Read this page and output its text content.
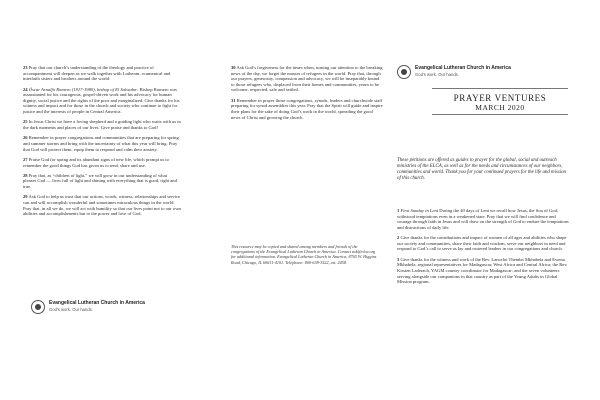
23 Pray that our church’s understanding of the theology and practice of accompaniment will deepen as we walk together with Lutheran, ecumenical and interfaith sisters and brothers around the world.

24 Óscar Arnulfo Romero (1917-1980), bishop of El Salvador: Bishop Romero was assassinated for his courageous, gospel-driven work and his advocacy for human dignity, social justice and the rights of the poor and marginalized. Give thanks for his witness and impact and for those in the church and society who continue to fight for justice and the interests of people in Central America.

25 In Jesus Christ we have a loving shepherd and a guiding light who waits with us in the dark moments and places of our lives. Give praise and thanks to God!

26 Remember in prayer congregations and communities that are preparing for spring and summer storms and bring with the uncertainty of what this year will bring. Pray that God will protect them, equip them to respond and calm their anxiety.

27 Praise God for spring and its abundant signs of new life, which prompt us to remember the good things God has given us to tend, share and use.

28 Pray that, as “children of light,” we will grow in our understanding of what pleases God — lives full of light and shining with everything that is good, right and true.

29 Ask God to help us trust that our actions, words, witness, relationships and service can and will accomplish wonderful and sometimes miraculous things in the world. Pray that, in all we do, we will act with humility so that our lives point not to our own abilities and accomplishments but to the power and love of God.

30 Ask God’s forgiveness for the times when, turning our attention to the breaking news of the day, we forget the masses of refugees in the world. Pray that, through our prayers, generosity, compassion and advocacy, we will be inseparably bound to those refugees who, displaced from their homes and communities, yearn to be welcome, respected, safe and settled.

31 Remember in prayer those congregations, synods, leaders and churchwide staff preparing for synod assemblies this year. Pray that the Spirit will guide and inspire their plans for the sake of doing God’s work in the world, spreading the good news of Christ and growing the church.

This resource may be copied and shared among members and friends of the congregations of the Evangelical Lutheran Church in America. Contact ask@elca.org for additional information. Evangelical Lutheran Church in America, 8765 W. Higgins Road, Chicago, IL 60631-4101. Telephone: 800-638-3522, ext. 2458.
Evangelical Lutheran Church in America
God’s work. Our hands.
Evangelical Lutheran Church in America
God’s work. Our hands.
PRAYER VENTURES
MARCH 2020
These petitions are offered as guides to prayer for the global, social and outreach ministries of the ELCA, as well as for the needs and circumstances of our neighbors, communities and world. Thank you for your continued prayers for the life and mission of this church.

1 First Sunday in Lent During the 40 days of Lent we recall how Jesus, the Son of God, withstood temptations even in a weakened state. Pray that we will find confidence and courage through faith in Jesus and will draw on the strength of God to endure the temptations and distractions of daily life.

2 Give thanks for the contributions and impact of women of all ages and abilities who shape our society and communities, share their faith and wisdom, serve our neighbors in need and respond to God’s call to serve as lay and rostered leaders in our congregations and church.

3 Give thanks for the witness and work of the Rev. Lancelot Thembo Mkhabela and Ewena Mkhabela, regional representatives for Madagascar, West Africa and Central Africa; the Rev. Kirsten Laderach, YAGM country coordinator for Madagascar; and the seven volunteers serving alongside our companions in that country as part of the Young Adults in Global Mission program.
